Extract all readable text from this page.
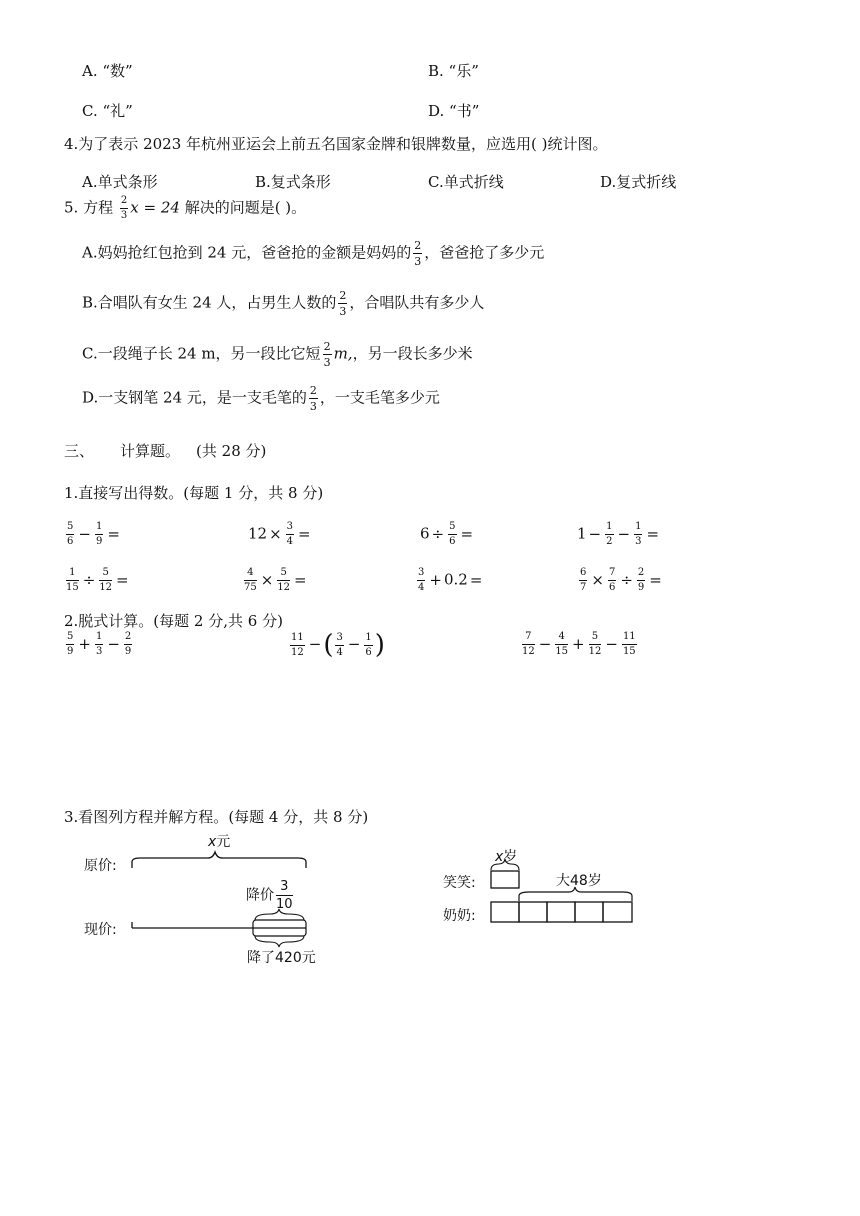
A. “数”	B. “乐”
C. “礼”	D. “书”
4.为了表示 2023 年杭州亚运会上前五名国家金牌和银牌数量，应选用( )统计图。
A.单式条形	B.复式条形	C.单式折线	D.复式折线
5. 方程 $\frac{2}{3}$ x = 24 解决的问题是( )。
A.妈妈抢红包抢到 24 元，爸爸抢的金额是妈妈的 $\frac{2}{3}$ ，爸爸抢了多少元
B.合唱队有女生 24 人，占男生人数的 $\frac{2}{3}$ ，合唱队共有多少人
C.一段绳子长 24 m，另一段比它短 $\frac{2}{3} m$,，另一段长多少米
D.一支钢笔 24 元，是一支毛笔的 $\frac{2}{3}$ ，一支毛笔多少元
三、 计算题。 (共 28 分)
1.直接写出得数。(每题 1 分，共 8 分)
$\frac{5}{6} - \frac{1}{9}$ =	$12 \times \frac{3}{4}$ =	$6 \div \frac{5}{6}$ =	$1 - \frac{1}{2} - \frac{1}{3}$ =
$\frac{1}{15} \div \frac{5}{12}$ =	$\frac{4}{75} \times \frac{5}{12}$ =	$\frac{3}{4} + 0.2$ =	$\frac{6}{7} \times \frac{7}{6} \div \frac{2}{9}$ =
2.脱式计算。(每题 2 分,共 6 分)
$\frac{5}{9} + \frac{1}{3} - \frac{2}{9}$	$\frac{11}{12}$ −( $\frac{3}{4} - \frac{1}{6}$ )	$\frac{7}{12} - \frac{4}{15} + \frac{5}{12} - \frac{11}{15}$
3.看图列方程并解方程。(每题 4 分，共 8 分)
原价:
现价:
x元
降价 $\frac{3}{10}$
降了420元
笑笑:
奶奶:
x岁
大48岁
